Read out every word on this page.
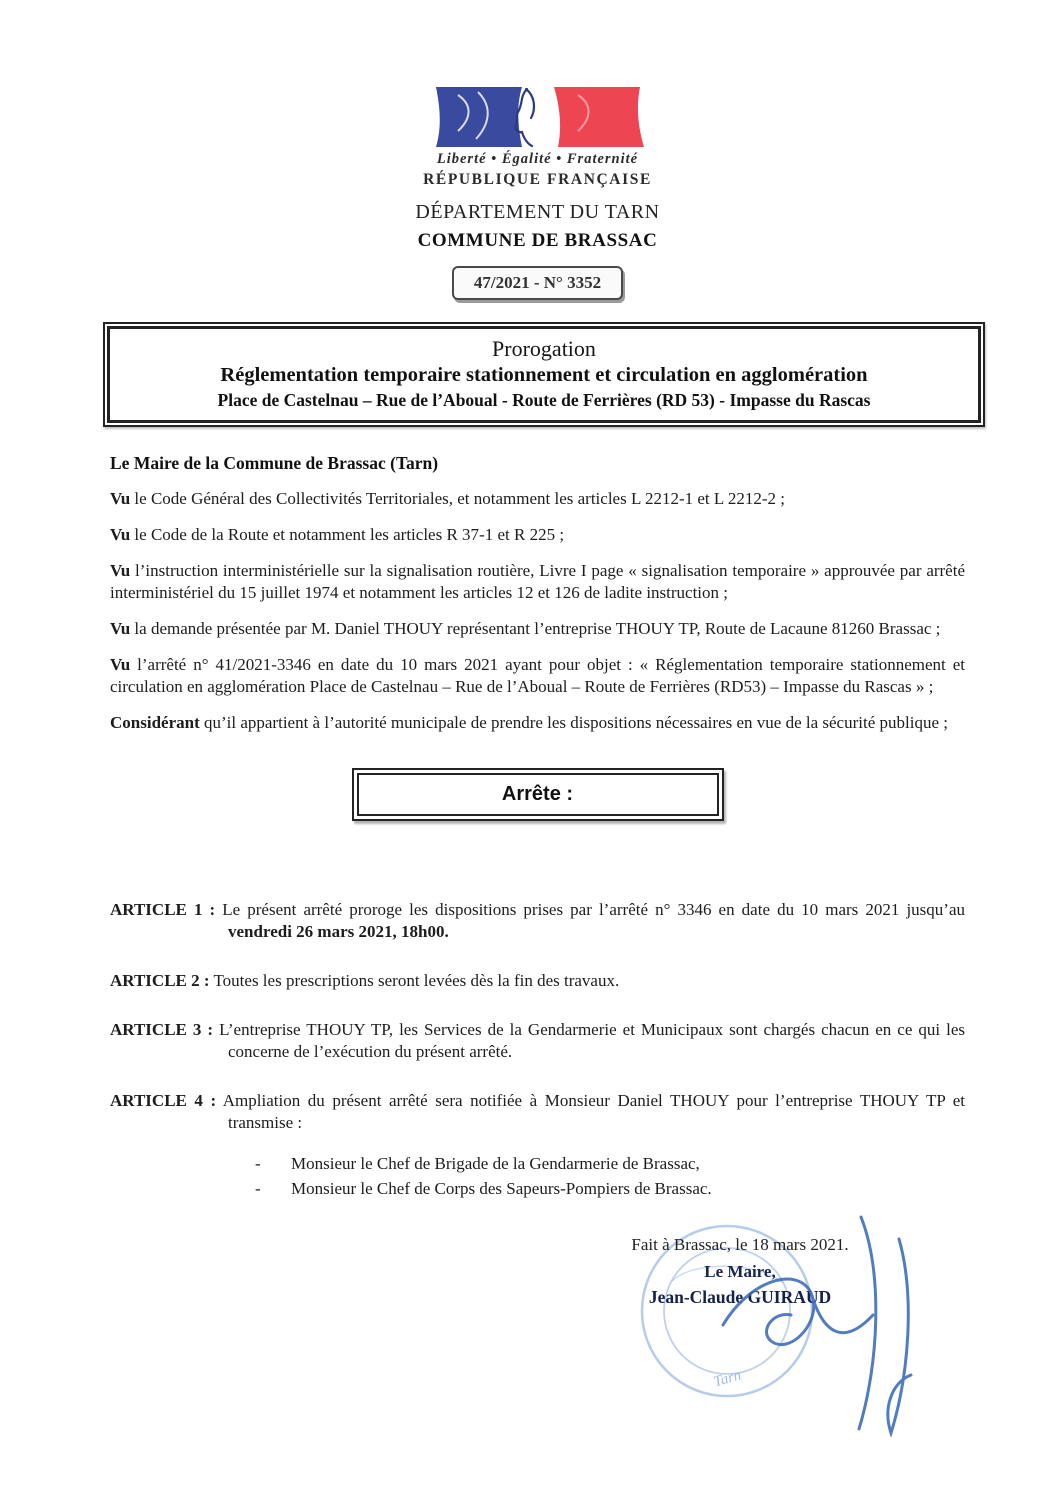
Liberté • Égalité • Fraternité
RÉPUBLIQUE FRANÇAISE
DÉPARTEMENT DU TARN
COMMUNE DE BRASSAC
47/2021 - N° 3352
Prorogation
Réglementation temporaire stationnement et circulation en agglomération
Place de Castelnau – Rue de l’Aboual - Route de Ferrières (RD 53) - Impasse du Rascas
Le Maire de la Commune de Brassac (Tarn)

Vu le Code Général des Collectivités Territoriales, et notamment les articles L 2212-1 et L 2212-2 ;

Vu le Code de la Route et notamment les articles R 37-1 et R 225 ;

Vu l’instruction interministérielle sur la signalisation routière, Livre I page « signalisation temporaire » approuvée par arrêté interministériel du 15 juillet 1974 et notamment les articles 12 et 126 de ladite instruction ;

Vu la demande présentée par M. Daniel THOUY représentant l’entreprise THOUY TP, Route de Lacaune 81260 Brassac ;

Vu l’arrêté n° 41/2021-3346 en date du 10 mars 2021 ayant pour objet : « Réglementation temporaire stationnement et circulation en agglomération Place de Castelnau – Rue de l’Aboual – Route de Ferrières (RD53) – Impasse du Rascas » ;

Considérant qu’il appartient à l’autorité municipale de prendre les dispositions nécessaires en vue de la sécurité publique ;

Arrête :

ARTICLE 1 : Le présent arrêté proroge les dispositions prises par l’arrêté n° 3346 en date du 10 mars 2021 jusqu’au vendredi 26 mars 2021, 18h00.

ARTICLE 2 : Toutes les prescriptions seront levées dès la fin des travaux.

ARTICLE 3 : L’entreprise THOUY TP, les Services de la Gendarmerie et Municipaux sont chargés chacun en ce qui les concerne de l’exécution du présent arrêté.

ARTICLE 4 : Ampliation du présent arrêté sera notifiée à Monsieur Daniel THOUY pour l’entreprise THOUY TP et transmise :

- Monsieur le Chef de Brigade de la Gendarmerie de Brassac,
- Monsieur le Chef de Corps des Sapeurs-Pompiers de Brassac.
Tarn
Fait à Brassac, le 18 mars 2021.
Le Maire,
Jean-Claude GUIRAUD
